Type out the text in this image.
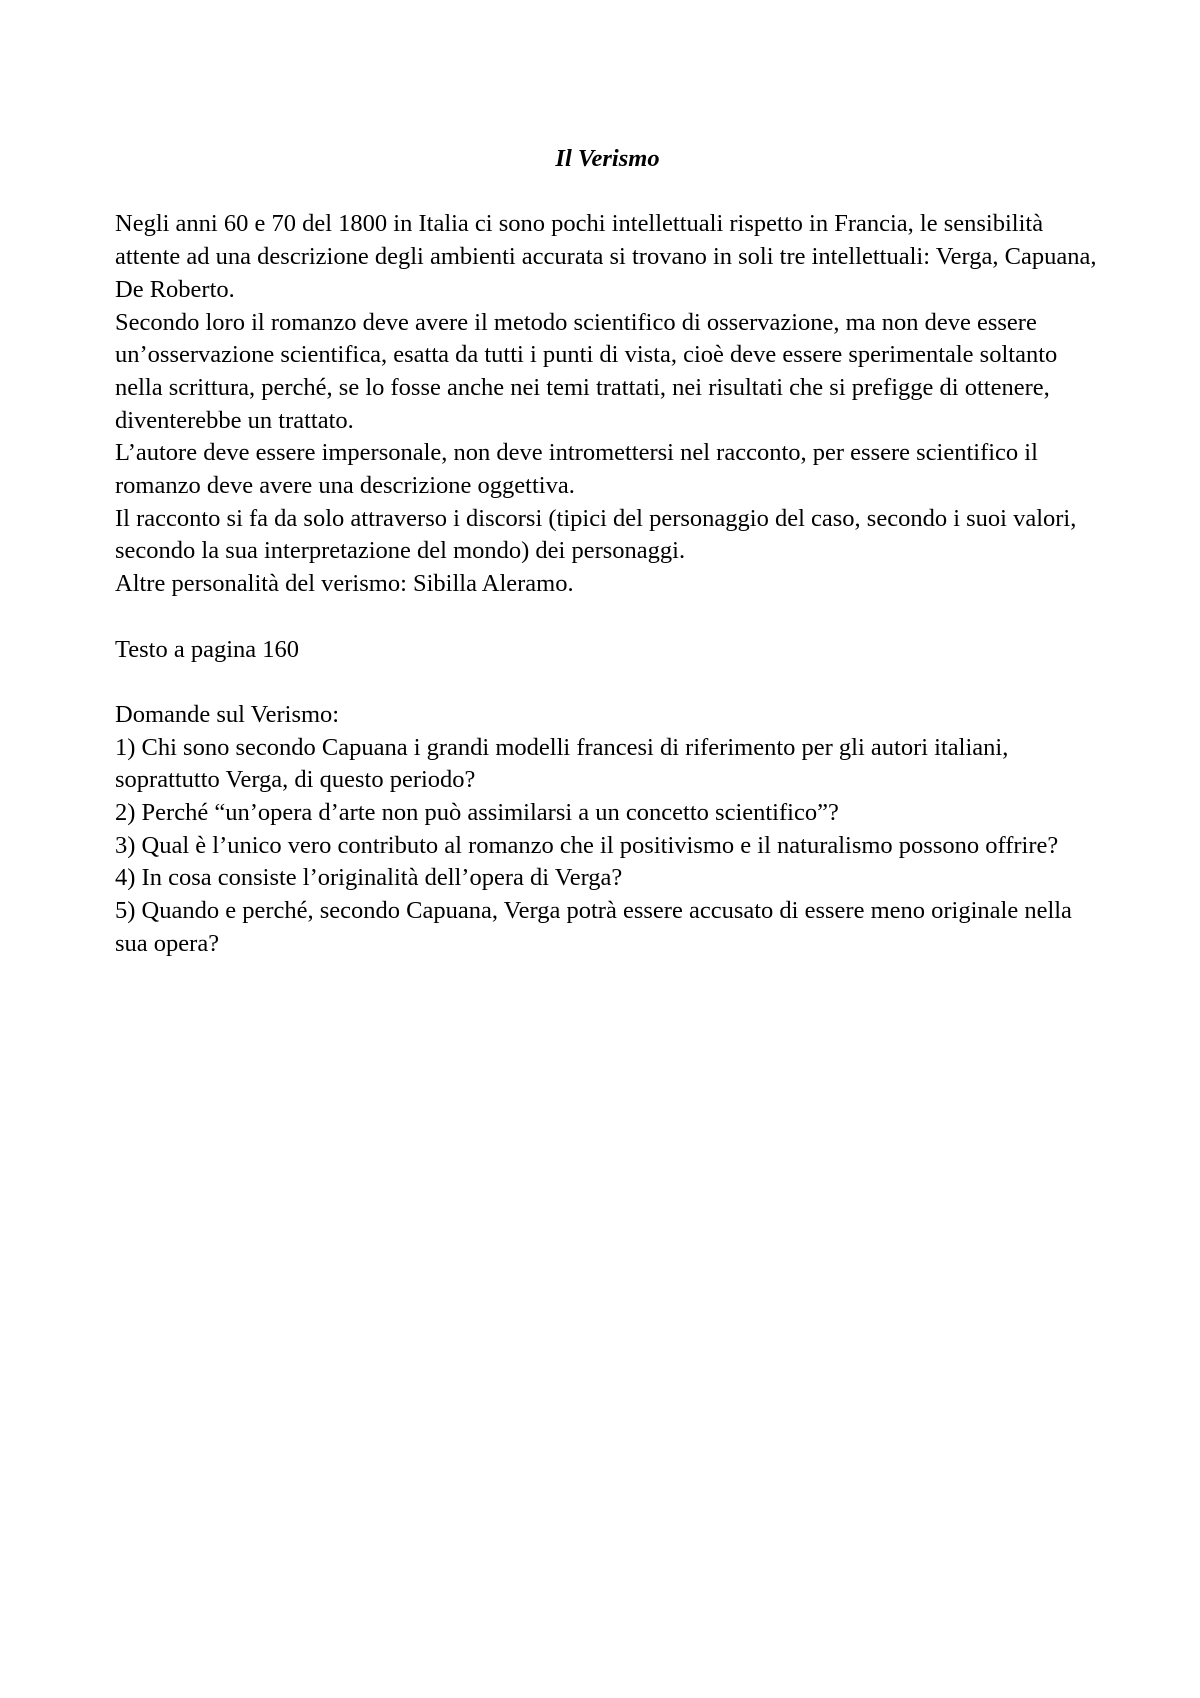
Il Verismo

Negli anni 60 e 70 del 1800 in Italia ci sono pochi intellettuali rispetto in Francia, le sensibilità attente ad una descrizione degli ambienti accurata si trovano in soli tre intellettuali: Verga, Capuana, De Roberto.

Secondo loro il romanzo deve avere il metodo scientifico di osservazione, ma non deve essere un’osservazione scientifica, esatta da tutti i punti di vista, cioè deve essere sperimentale soltanto nella scrittura, perché, se lo fosse anche nei temi trattati, nei risultati che si prefigge di ottenere, diventerebbe un trattato.

L’autore deve essere impersonale, non deve intromettersi nel racconto, per essere scientifico il romanzo deve avere una descrizione oggettiva.

Il racconto si fa da solo attraverso i discorsi (tipici del personaggio del caso, secondo i suoi valori, secondo la sua interpretazione del mondo) dei personaggi.

Altre personalità del verismo: Sibilla Aleramo.

Testo a pagina 160

Domande sul Verismo:

1) Chi sono secondo Capuana i grandi modelli francesi di riferimento per gli autori italiani, soprattutto Verga, di questo periodo?
2) Perché “un’opera d’arte non può assimilarsi a un concetto scientifico”?
3) Qual è l’unico vero contributo al romanzo che il positivismo e il naturalismo possono offrire?
4) In cosa consiste l’originalità dell’opera di Verga?
5) Quando e perché, secondo Capuana, Verga potrà essere accusato di essere meno originale nella sua opera?
